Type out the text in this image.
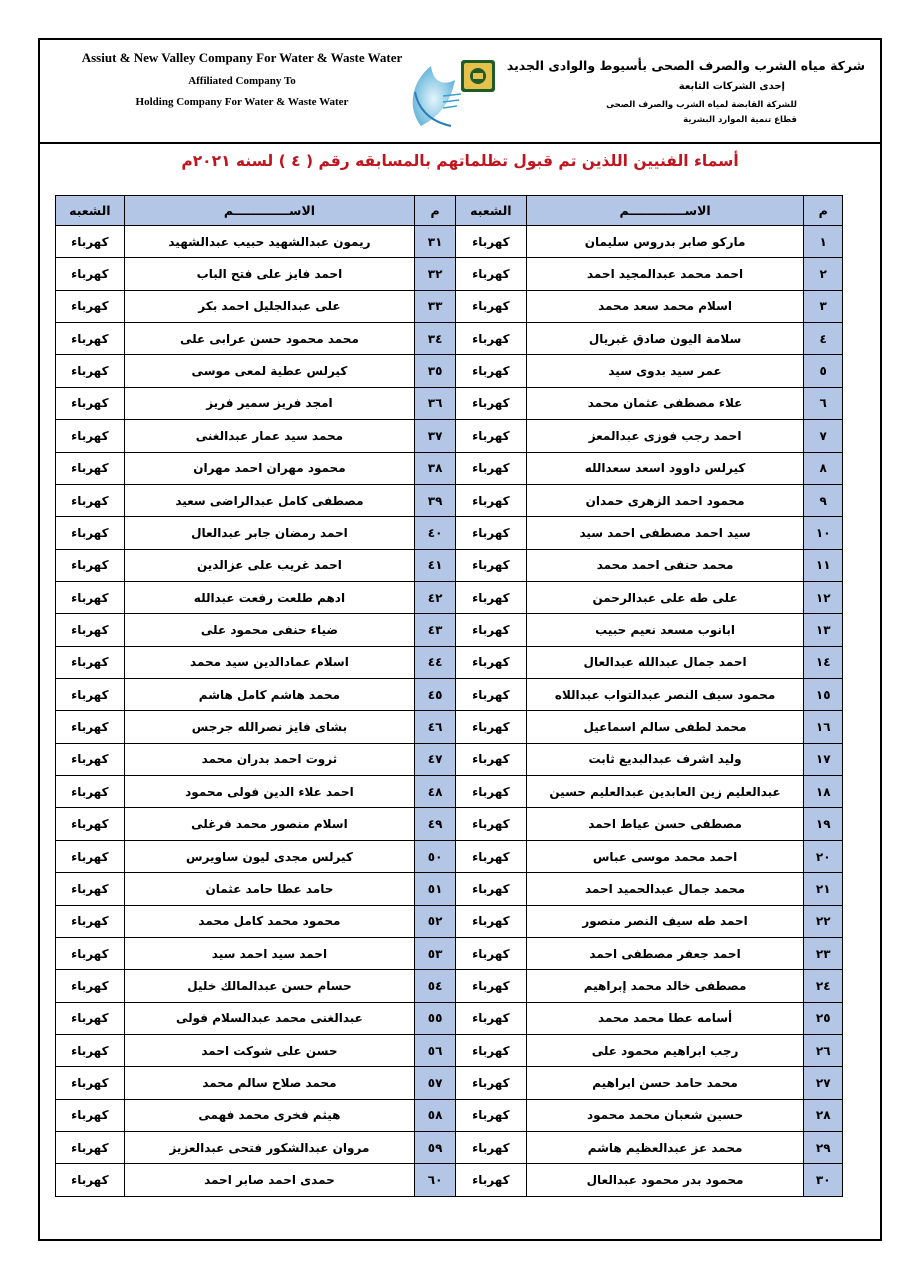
Assiut & New Valley Company For Water & Waste Water
Affiliated Company To
Holding Company For Water & Waste Water
شركة مياه الشرب والصرف الصحى بأسيوط والوادى الجديد
إحدى الشركات التابعة
للشركة القابضة لمياه الشرب والصرف الصحى
قطاع تنمية الموارد البشرية
أسماء الفنيين اللذين تم قبول تظلماتهم بالمسابقه رقم ( ٤ ) لسنه ٢٠٢١م
م	الاســـــــــــــم	الشعبه	م	الاســـــــــــــم	الشعبه
١	ماركو صابر بدروس سليمان	كهرباء	٣١	ريمون عبدالشهيد حبيب عبدالشهيد	كهرباء
٢	احمد محمد عبدالمجيد احمد	كهرباء	٣٢	احمد فايز على فتح الباب	كهرباء
٣	اسلام محمد سعد محمد	كهرباء	٣٣	على عبدالجليل احمد بكر	كهرباء
٤	سلامة اليون صادق غبريال	كهرباء	٣٤	محمد محمود حسن عرابى على	كهرباء
٥	عمر سيد بدوى سيد	كهرباء	٣٥	كيرلس عطية لمعى موسى	كهرباء
٦	علاء مصطفى عثمان محمد	كهرباء	٣٦	امجد فريز سمير فريز	كهرباء
٧	احمد رجب فوزى عبدالمعز	كهرباء	٣٧	محمد سيد عمار عبدالغنى	كهرباء
٨	كيرلس داوود اسعد سعدالله	كهرباء	٣٨	محمود مهران احمد مهران	كهرباء
٩	محمود احمد الزهرى حمدان	كهرباء	٣٩	مصطفى كامل عبدالراضى سعيد	كهرباء
١٠	سيد احمد مصطفى احمد سيد	كهرباء	٤٠	احمد رمضان جابر عبدالعال	كهرباء
١١	محمد حنفى احمد محمد	كهرباء	٤١	احمد غريب على عزالدين	كهرباء
١٢	على طه على عبدالرحمن	كهرباء	٤٢	ادهم طلعت رفعت عبدالله	كهرباء
١٣	ابانوب مسعد نعيم حبيب	كهرباء	٤٣	ضياء حنفى محمود على	كهرباء
١٤	احمد جمال عبدالله عبدالعال	كهرباء	٤٤	اسلام عمادالدين سيد محمد	كهرباء
١٥	محمود سيف النصر عبدالتواب عبداللاه	كهرباء	٤٥	محمد هاشم كامل هاشم	كهرباء
١٦	محمد لطفى سالم اسماعيل	كهرباء	٤٦	بشاى فايز نصرالله جرجس	كهرباء
١٧	وليد اشرف عبدالبديع ثابت	كهرباء	٤٧	ثروت احمد بدران محمد	كهرباء
١٨	عبدالعليم زين العابدين عبدالعليم حسين	كهرباء	٤٨	احمد علاء الدين فولى محمود	كهرباء
١٩	مصطفى حسن عياط احمد	كهرباء	٤٩	اسلام منصور محمد فرغلى	كهرباء
٢٠	احمد محمد موسى عباس	كهرباء	٥٠	كيرلس مجدى ليون ساويرس	كهرباء
٢١	محمد جمال عبدالحميد احمد	كهرباء	٥١	حامد عطا حامد عثمان	كهرباء
٢٢	احمد طه سيف النصر منصور	كهرباء	٥٢	محمود محمد كامل محمد	كهرباء
٢٣	احمد جعفر مصطفى احمد	كهرباء	٥٣	احمد سيد احمد سيد	كهرباء
٢٤	مصطفى خالد محمد إبراهيم	كهرباء	٥٤	حسام حسن عبدالمالك خليل	كهرباء
٢٥	أسامه عطا محمد محمد	كهرباء	٥٥	عبدالغنى محمد عبدالسلام فولى	كهرباء
٢٦	رجب ابراهيم محمود على	كهرباء	٥٦	حسن على شوكت احمد	كهرباء
٢٧	محمد حامد حسن ابراهيم	كهرباء	٥٧	محمد صلاح سالم محمد	كهرباء
٢٨	حسين شعبان محمد محمود	كهرباء	٥٨	هيثم فخرى محمد فهمى	كهرباء
٢٩	محمد عز عبدالعظيم هاشم	كهرباء	٥٩	مروان عبدالشكور فتحى عبدالعزيز	كهرباء
٣٠	محمود بدر محمود عبدالعال	كهرباء	٦٠	حمدى احمد صابر احمد	كهرباء
